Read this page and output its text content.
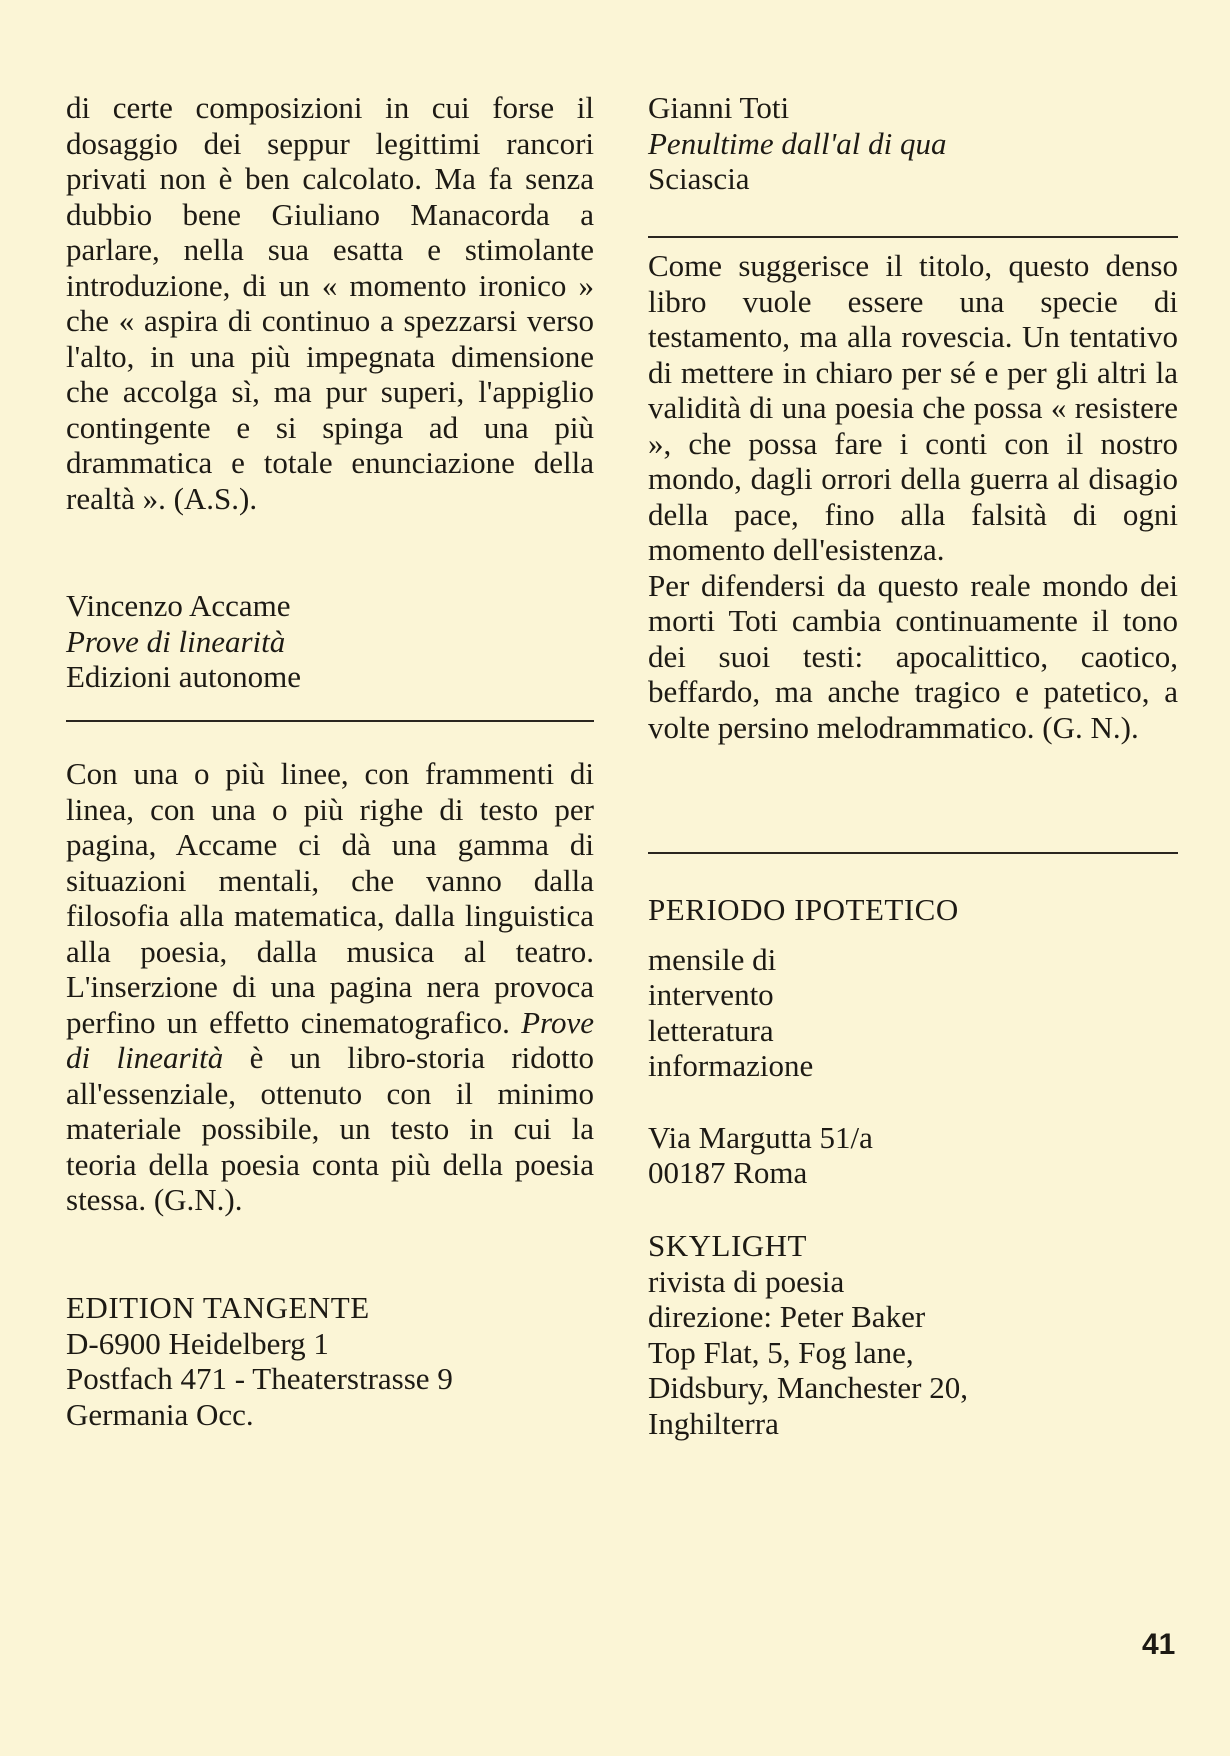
di certe composizioni in cui forse il dosaggio dei seppur legittimi rancori privati non è ben calcolato. Ma fa senza dubbio bene Giuliano Manacorda a parlare, nella sua esatta e stimolante introduzione, di un « momento ironico » che « aspira di continuo a spezzarsi verso l'alto, in una più impegnata dimensione che accolga sì, ma pur superi, l'appiglio contingente e si spinga ad una più drammatica e totale enunciazione della realtà ». (A.S.).

Vincenzo Accame

Prove di linearità

Edizioni autonome

Con una o più linee, con frammenti di linea, con una o più righe di testo per pagina, Accame ci dà una gamma di situazioni mentali, che vanno dalla filosofia alla matematica, dalla linguistica alla poesia, dalla musica al teatro. L'inserzione di una pagina nera provoca perfino un effetto cinematografico. Prove di linearità è un libro-storia ridotto all'essenziale, ottenuto con il minimo materiale possibile, un testo in cui la teoria della poesia conta più della poesia stessa. (G.N.).

EDITION TANGENTE

D-6900 Heidelberg 1

Postfach 471 - Theaterstrasse 9

Germania Occ.

Gianni Toti

Penultime dall'al di qua

Sciascia

Come suggerisce il titolo, questo denso libro vuole essere una specie di testamento, ma alla rovescia. Un tentativo di mettere in chiaro per sé e per gli altri la validità di una poesia che possa « resistere », che possa fare i conti con il nostro mondo, dagli orrori della guerra al disagio della pace, fino alla falsità di ogni momento dell'esistenza.

Per difendersi da questo reale mondo dei morti Toti cambia continuamente il tono dei suoi testi: apocalittico, caotico, beffardo, ma anche tragico e patetico, a volte persino melodrammatico. (G. N.).

PERIODO IPOTETICO

mensile di

intervento

letteratura

informazione

Via Margutta 51/a

00187 Roma

SKYLIGHT

rivista di poesia

direzione: Peter Baker

Top Flat, 5, Fog lane,

Didsbury, Manchester 20,

Inghilterra

41
